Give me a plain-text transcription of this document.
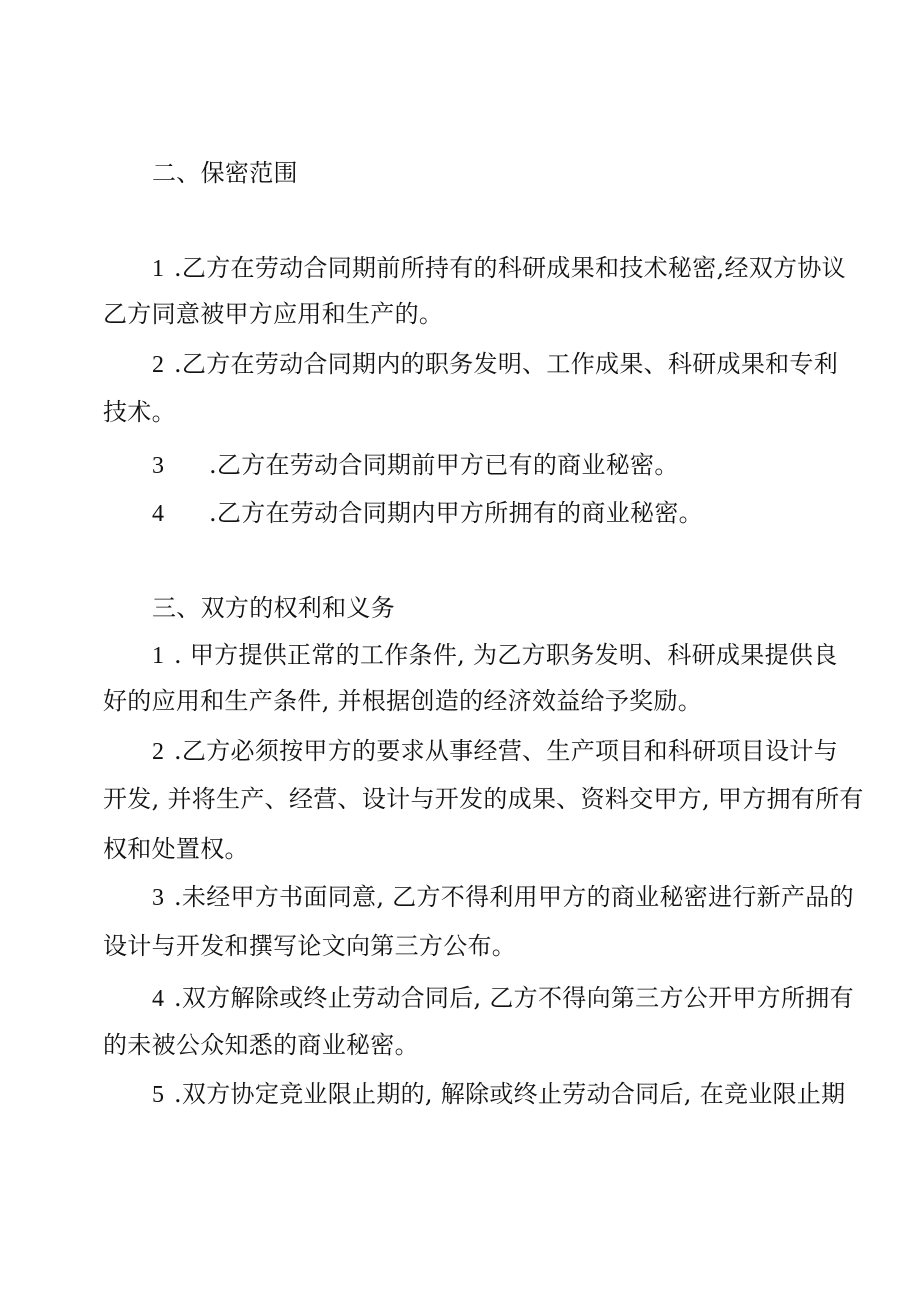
二、保密范围
1 .乙方在劳动合同期前所持有的科研成果和技术秘密,经双方协议
乙方同意被甲方应用和生产的。
2 .乙方在劳动合同期内的职务发明、工作成果、科研成果和专利
技术。
3 .乙方在劳动合同期前甲方已有的商业秘密。
4 .乙方在劳动合同期内甲方所拥有的商业秘密。
三、双方的权利和义务
1 . 甲方提供正常的工作条件, 为乙方职务发明、科研成果提供良
好的应用和生产条件, 并根据创造的经济效益给予奖励。
2 .乙方必须按甲方的要求从事经营、生产项目和科研项目设计与
开发, 并将生产、经营、设计与开发的成果、资料交甲方, 甲方拥有所有
权和处置权。
3 .未经甲方书面同意, 乙方不得利用甲方的商业秘密进行新产品的
设计与开发和撰写论文向第三方公布。
4 .双方解除或终止劳动合同后, 乙方不得向第三方公开甲方所拥有
的未被公众知悉的商业秘密。
5 .双方协定竞业限止期的, 解除或终止劳动合同后, 在竞业限止期
